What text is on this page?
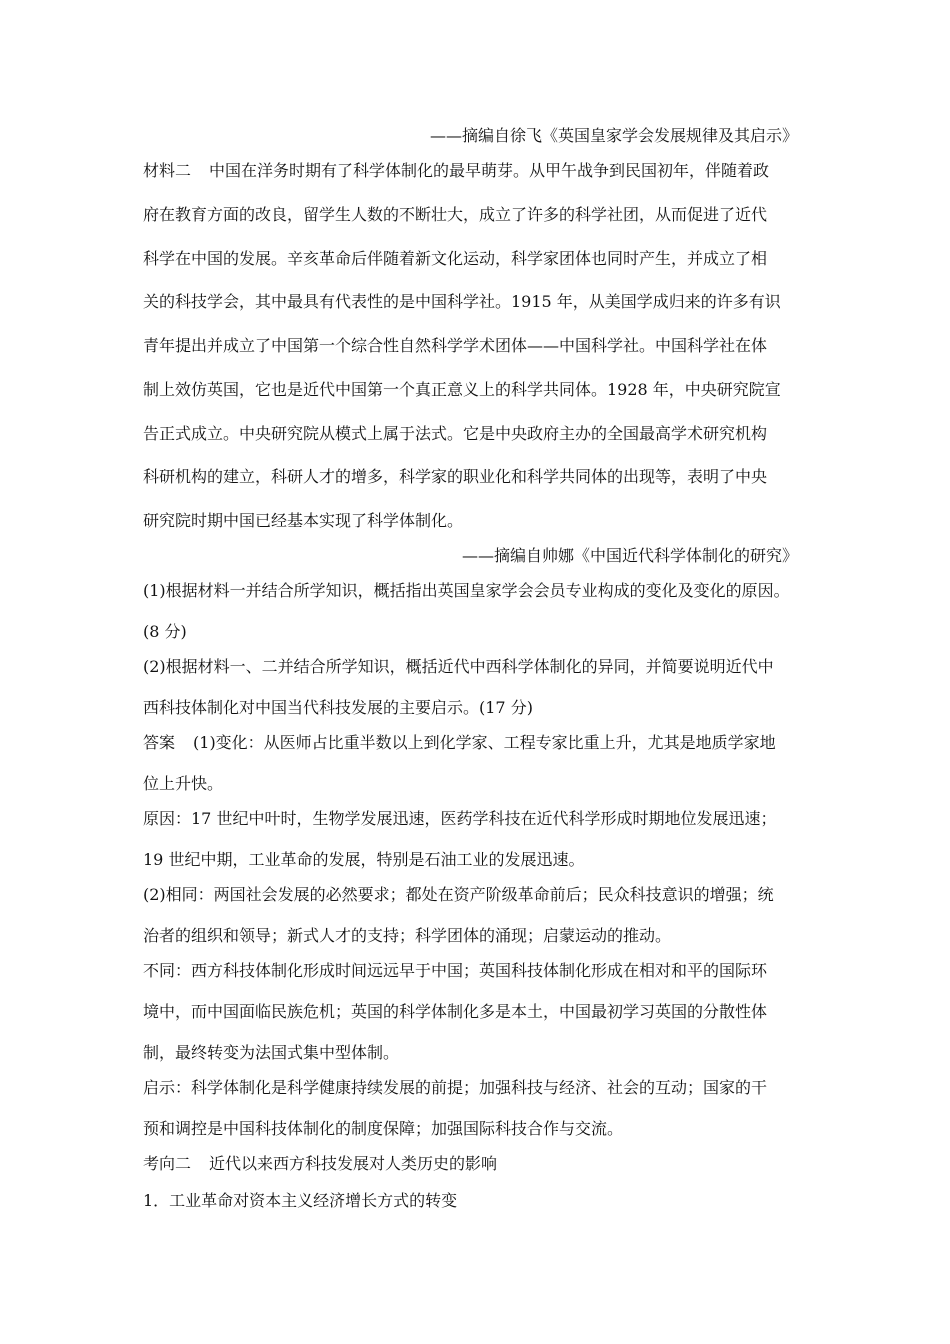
——摘编自徐飞《英国皇家学会发展规律及其启示》
材料二 中国在洋务时期有了科学体制化的最早萌芽。从甲午战争到民国初年，伴随着政
府在教育方面的改良，留学生人数的不断壮大，成立了许多的科学社团，从而促进了近代
科学在中国的发展。辛亥革命后伴随着新文化运动，科学家团体也同时产生，并成立了相
关的科技学会，其中最具有代表性的是中国科学社。1915 年，从美国学成归来的许多有识
青年提出并成立了中国第一个综合性自然科学学术团体——中国科学社。中国科学社在体
制上效仿英国，它也是近代中国第一个真正意义上的科学共同体。1928 年，中央研究院宣
告正式成立。中央研究院从模式上属于法式。它是中央政府主办的全国最高学术研究机构
科研机构的建立，科研人才的增多，科学家的职业化和科学共同体的出现等，表明了中央
研究院时期中国已经基本实现了科学体制化。
——摘编自帅娜《中国近代科学体制化的研究》
(1)根据材料一并结合所学知识，概括指出英国皇家学会会员专业构成的变化及变化的原因。
(8 分)
(2)根据材料一、二并结合所学知识，概括近代中西科学体制化的异同，并简要说明近代中
西科技体制化对中国当代科技发展的主要启示。(17 分)
答案 (1)变化：从医师占比重半数以上到化学家、工程专家比重上升，尤其是地质学家地
位上升快。
原因：17 世纪中叶时，生物学发展迅速，医药学科技在近代科学形成时期地位发展迅速；
19 世纪中期，工业革命的发展，特别是石油工业的发展迅速。
(2)相同：两国社会发展的必然要求；都处在资产阶级革命前后；民众科技意识的增强；统
治者的组织和领导；新式人才的支持；科学团体的涌现；启蒙运动的推动。
不同：西方科技体制化形成时间远远早于中国；英国科技体制化形成在相对和平的国际环
境中，而中国面临民族危机；英国的科学体制化多是本土，中国最初学习英国的分散性体
制，最终转变为法国式集中型体制。
启示：科学体制化是科学健康持续发展的前提；加强科技与经济、社会的互动；国家的干
预和调控是中国科技体制化的制度保障；加强国际科技合作与交流。
考向二 近代以来西方科技发展对人类历史的影响
1．工业革命对资本主义经济增长方式的转变
